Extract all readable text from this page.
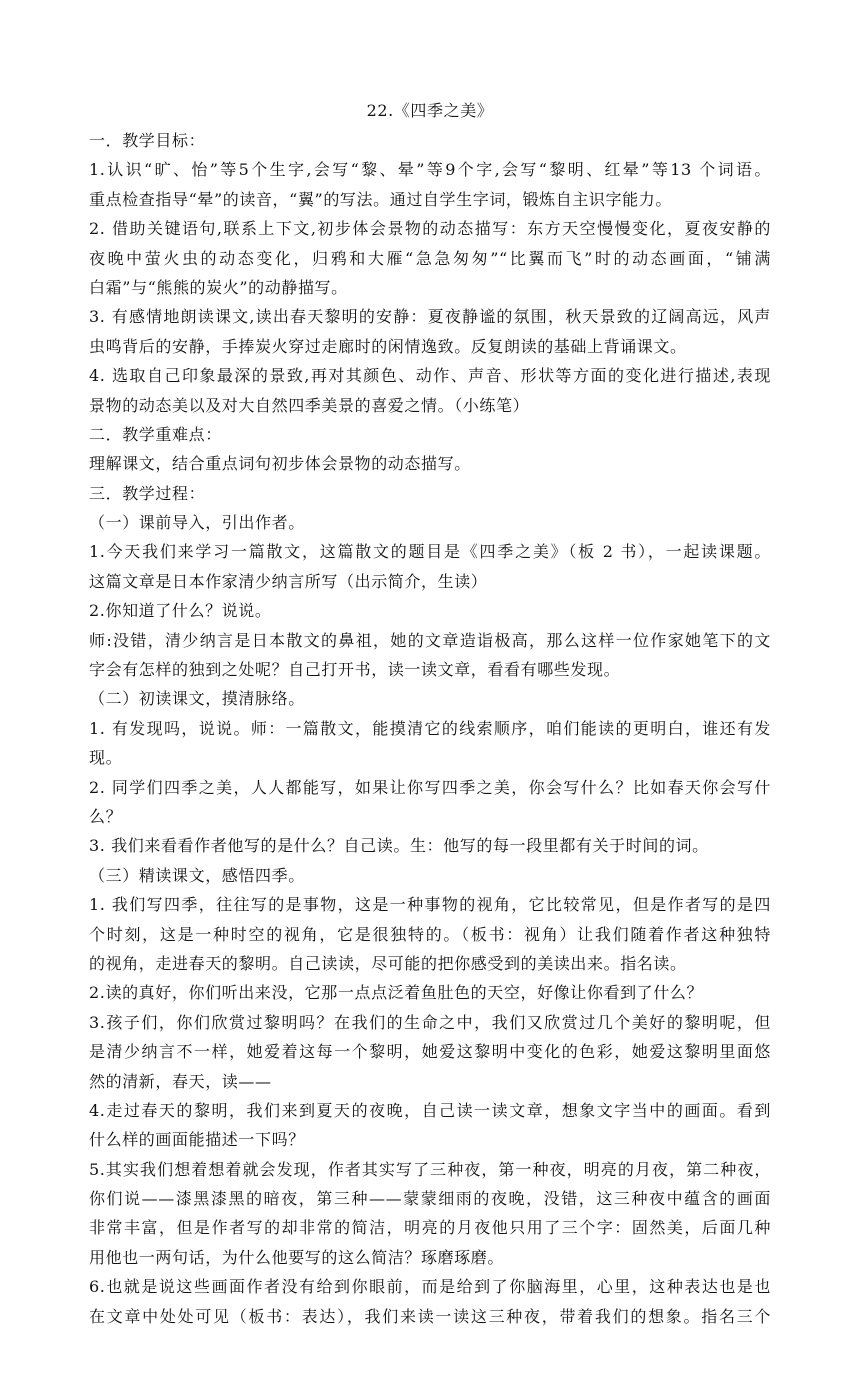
22.《四季之美》
一．教学目标：
1.认识“旷、怡”等5个生字,会写“黎、晕”等9个字,会写“黎明、红晕”等13 个词语。
重点检查指导“晕”的读音，“翼”的写法。通过自学生字词，锻炼自主识字能力。
2. 借助关键语句,联系上下文,初步体会景物的动态描写：东方天空慢慢变化，夏夜安静的
夜晚中萤火虫的动态变化，归鸦和大雁“急急匆匆”“比翼而飞”时的动态画面，“铺满
白霜”与“熊熊的炭火”的动静描写。
3. 有感情地朗读课文,读出春天黎明的安静：夏夜静谧的氛围，秋天景致的辽阔高远，风声
虫鸣背后的安静，手捧炭火穿过走廊时的闲情逸致。反复朗读的基础上背诵课文。
4. 选取自己印象最深的景致,再对其颜色、动作、声音、形状等方面的变化进行描述,表现
景物的动态美以及对大自然四季美景的喜爱之情。（小练笔）
二．教学重难点：
理解课文，结合重点词句初步体会景物的动态描写。
三．教学过程：
（一）课前导入，引出作者。
1.今天我们来学习一篇散文，这篇散文的题目是《四季之美》（板 2 书），一起读课题。
这篇文章是日本作家清少纳言所写（出示简介，生读）
2.你知道了什么？说说。
师:没错，清少纳言是日本散文的鼻祖，她的文章造诣极高，那么这样一位作家她笔下的文
字会有怎样的独到之处呢？自己打开书，读一读文章，看看有哪些发现。
（二）初读课文，摸清脉络。
1. 有发现吗，说说。师：一篇散文，能摸清它的线索顺序，咱们能读的更明白，谁还有发
现。
2. 同学们四季之美，人人都能写，如果让你写四季之美，你会写什么？比如春天你会写什
么？
3. 我们来看看作者他写的是什么？自己读。生：他写的每一段里都有关于时间的词。
（三）精读课文，感悟四季。
1. 我们写四季，往往写的是事物，这是一种事物的视角，它比较常见，但是作者写的是四
个时刻，这是一种时空的视角，它是很独特的。（板书：视角）让我们随着作者这种独特
的视角，走进春天的黎明。自己读读，尽可能的把你感受到的美读出来。指名读。
2.读的真好，你们听出来没，它那一点点泛着鱼肚色的天空，好像让你看到了什么？
3.孩子们，你们欣赏过黎明吗？在我们的生命之中，我们又欣赏过几个美好的黎明呢，但
是清少纳言不一样，她爱着这每一个黎明，她爱这黎明中变化的色彩，她爱这黎明里面悠
然的清新，春天，读——
4.走过春天的黎明，我们来到夏天的夜晚，自己读一读文章，想象文字当中的画面。看到
什么样的画面能描述一下吗？
5.其实我们想着想着就会发现，作者其实写了三种夜，第一种夜，明亮的月夜，第二种夜，
你们说——漆黑漆黑的暗夜，第三种——蒙蒙细雨的夜晚，没错，这三种夜中蕴含的画面
非常丰富，但是作者写的却非常的简洁，明亮的月夜他只用了三个字：固然美，后面几种
用他也一两句话，为什么他要写的这么简洁？琢磨琢磨。
6.也就是说这些画面作者没有给到你眼前，而是给到了你脑海里，心里，这种表达也是也
在文章中处处可见（板书：表达），我们来读一读这三种夜，带着我们的想象。指名三个
